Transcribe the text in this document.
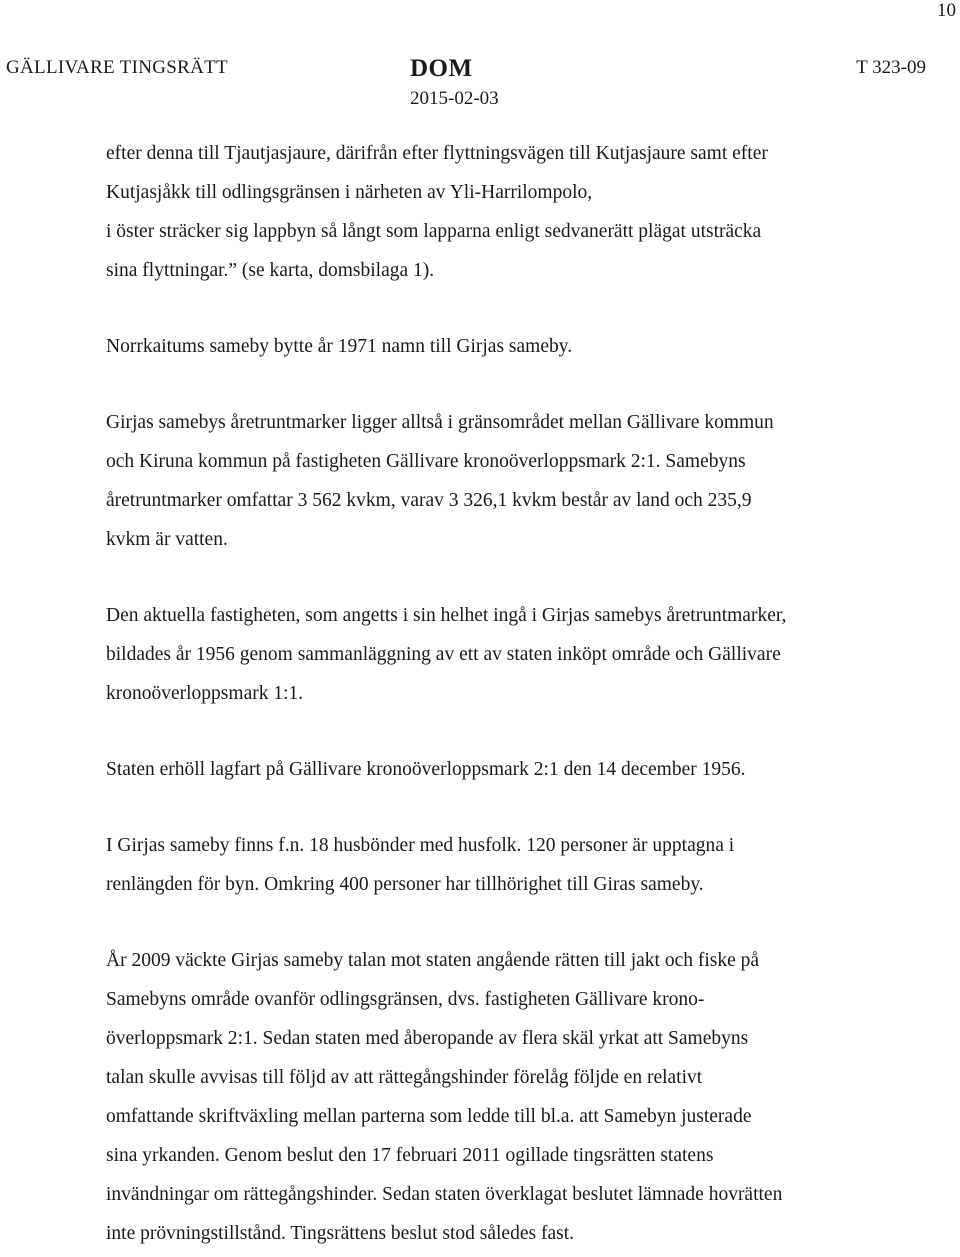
10
GÄLLIVARE TINGSRÄTT	DOM
2015-02-03
T 323-09

efter denna till Tjautjasjaure, därifrån efter flyttningsvägen till Kutjasjaure samt efter
Kutjasjåkk till odlingsgränsen i närheten av Yli-Harrilompolo,
i öster sträcker sig lappbyn så långt som lapparna enligt sedvanerätt plägat utsträcka
sina flyttningar.” (se karta, domsbilaga 1).

Norrkaitums sameby bytte år 1971 namn till Girjas sameby.

Girjas samebys åretruntmarker ligger alltså i gränsområdet mellan Gällivare kommun
och Kiruna kommun på fastigheten Gällivare kronoöverloppsmark 2:1. Samebyns
åretruntmarker omfattar 3 562 kvkm, varav 3 326,1 kvkm består av land och 235,9
kvkm är vatten.

Den aktuella fastigheten, som angetts i sin helhet ingå i Girjas samebys åretruntmarker,
bildades år 1956 genom sammanläggning av ett av staten inköpt område och Gällivare
kronoöverloppsmark 1:1.

Staten erhöll lagfart på Gällivare kronoöverloppsmark 2:1 den 14 december 1956.

I Girjas sameby finns f.n. 18 husbönder med husfolk. 120 personer är upptagna i
renlängden för byn. Omkring 400 personer har tillhörighet till Giras sameby.

År 2009 väckte Girjas sameby talan mot staten angående rätten till jakt och fiske på
Samebyns område ovanför odlingsgränsen, dvs. fastigheten Gällivare krono-
överloppsmark 2:1. Sedan staten med åberopande av flera skäl yrkat att Samebyns
talan skulle avvisas till följd av att rättegångshinder förelåg följde en relativt
omfattande skriftväxling mellan parterna som ledde till bl.a. att Samebyn justerade
sina yrkanden. Genom beslut den 17 februari 2011 ogillade tingsrätten statens
invändningar om rättegångshinder. Sedan staten överklagat beslutet lämnade hovrätten
inte prövningstillstånd. Tingsrättens beslut stod således fast.
